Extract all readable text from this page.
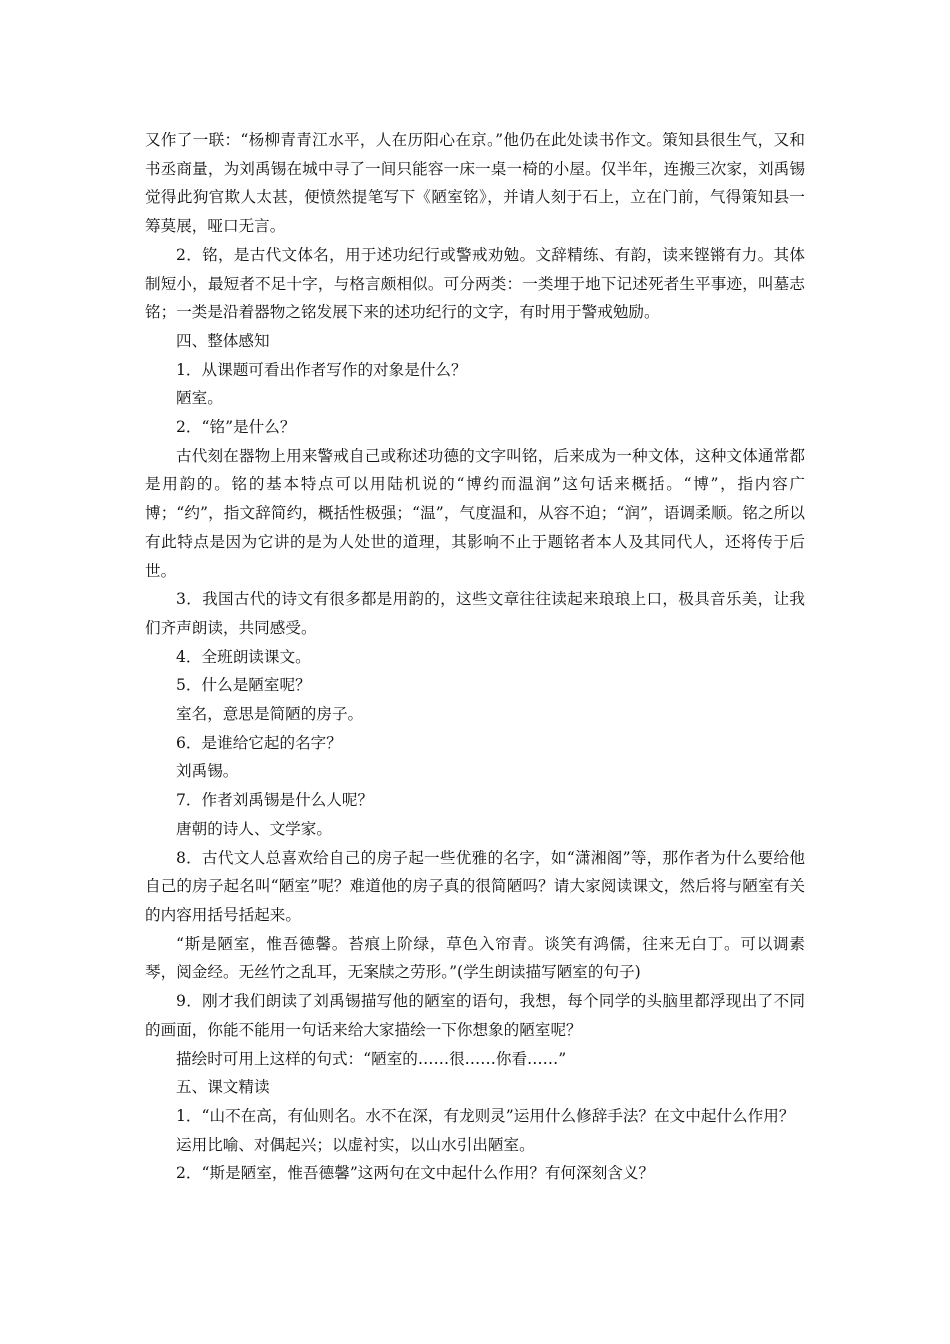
又作了一联：“杨柳青青江水平，人在历阳心在京。”他仍在此处读书作文。策知县很生气，又和书丞商量，为刘禹锡在城中寻了一间只能容一床一桌一椅的小屋。仅半年，连搬三次家，刘禹锡觉得此狗官欺人太甚，便愤然提笔写下《陋室铭》，并请人刻于石上，立在门前，气得策知县一筹莫展，哑口无言。

2．铭，是古代文体名，用于述功纪行或警戒劝勉。文辞精练、有韵，读来铿锵有力。其体制短小，最短者不足十字，与格言颇相似。可分两类：一类埋于地下记述死者生平事迹，叫墓志铭；一类是沿着器物之铭发展下来的述功纪行的文字，有时用于警戒勉励。

四、整体感知

1．从课题可看出作者写作的对象是什么？

陋室。

2．“铭”是什么？

古代刻在器物上用来警戒自己或称述功德的文字叫铭，后来成为一种文体，这种文体通常都是用韵的。铭的基本特点可以用陆机说的“博约而温润”这句话来概括。“博”，指内容广博；“约”，指文辞简约，概括性极强；“温”，气度温和，从容不迫；“润”，语调柔顺。铭之所以有此特点是因为它讲的是为人处世的道理，其影响不止于题铭者本人及其同代人，还将传于后世。

3．我国古代的诗文有很多都是用韵的，这些文章往往读起来琅琅上口，极具音乐美，让我们齐声朗读，共同感受。

4．全班朗读课文。

5．什么是陋室呢？

室名，意思是简陋的房子。

6．是谁给它起的名字？

刘禹锡。

7．作者刘禹锡是什么人呢？

唐朝的诗人、文学家。

8．古代文人总喜欢给自己的房子起一些优雅的名字，如“潇湘阁”等，那作者为什么要给他自己的房子起名叫“陋室”呢？难道他的房子真的很简陋吗？请大家阅读课文，然后将与陋室有关的内容用括号括起来。

“斯是陋室，惟吾德馨。苔痕上阶绿，草色入帘青。谈笑有鸿儒，往来无白丁。可以调素琴，阅金经。无丝竹之乱耳，无案牍之劳形。”(学生朗读描写陋室的句子)

9．刚才我们朗读了刘禹锡描写他的陋室的语句，我想，每个同学的头脑里都浮现出了不同的画面，你能不能用一句话来给大家描绘一下你想象的陋室呢？

描绘时可用上这样的句式：“陋室的……很……你看……”

五、课文精读

1．“山不在高，有仙则名。水不在深，有龙则灵”运用什么修辞手法？在文中起什么作用？

运用比喻、对偶起兴；以虚衬实，以山水引出陋室。

2．“斯是陋室，惟吾德馨”这两句在文中起什么作用？有何深刻含义？
